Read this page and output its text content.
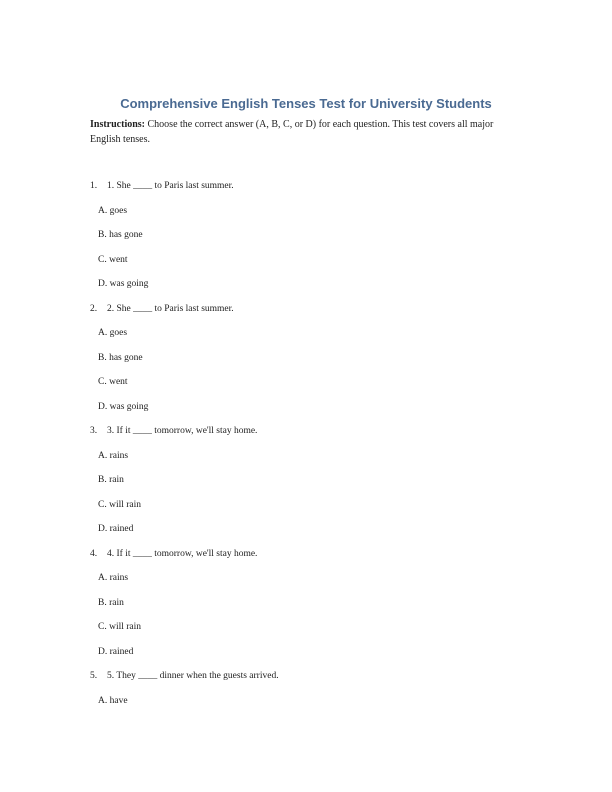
Comprehensive English Tenses Test for University Students
Instructions: Choose the correct answer (A, B, C, or D) for each question. This test covers all major English tenses.
1. 1. She ____ to Paris last summer.
A. goes
B. has gone
C. went
D. was going
2. 2. She ____ to Paris last summer.
A. goes
B. has gone
C. went
D. was going
3. 3. If it ____ tomorrow, we'll stay home.
A. rains
B. rain
C. will rain
D. rained
4. 4. If it ____ tomorrow, we'll stay home.
A. rains
B. rain
C. will rain
D. rained
5. 5. They ____ dinner when the guests arrived.
A. have
